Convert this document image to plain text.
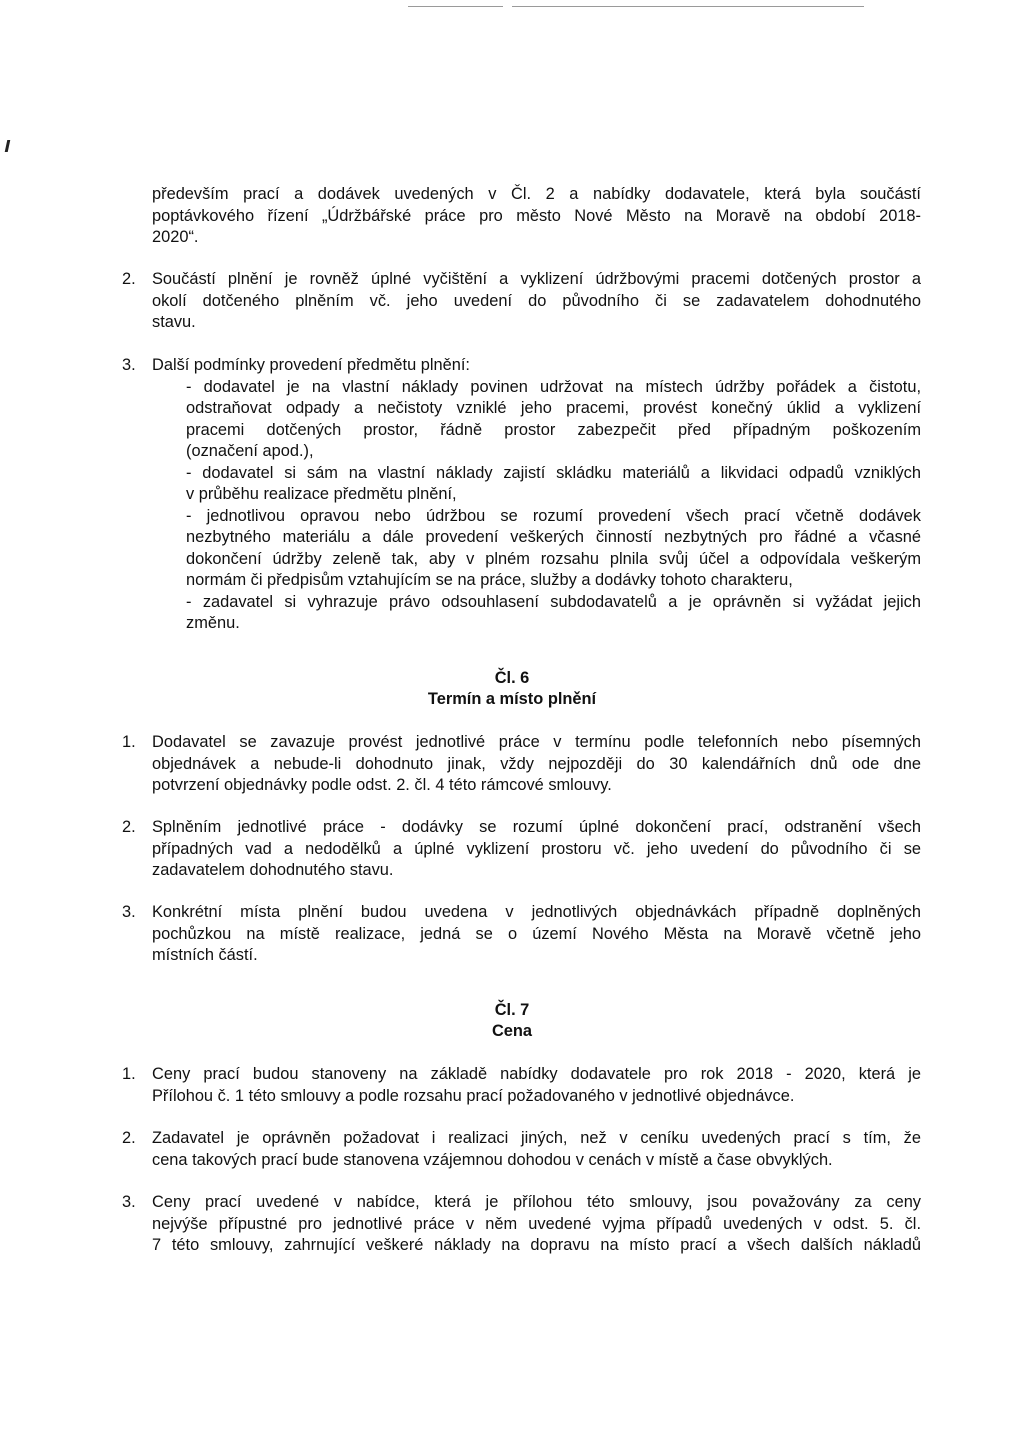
především prací a dodávek uvedených v Čl. 2 a nabídky dodavatele, která byla součástí
poptávkového řízení „Údržbářské práce pro město Nové Město na Moravě na období 2018-
2020“.
2. Součástí plnění je rovněž úplné vyčištění a vyklizení údržbovými pracemi dotčených prostor a
okolí dotčeného plněním vč. jeho uvedení do původního či se zadavatelem dohodnutého
stavu.
3. Další podmínky provedení předmětu plnění:
- dodavatel je na vlastní náklady povinen udržovat na místech údržby pořádek a čistotu,
odstraňovat odpady a nečistoty vzniklé jeho pracemi, provést konečný úklid a vyklizení
pracemi dotčených prostor, řádně prostor zabezpečit před případným poškozením
(označení apod.),
- dodavatel si sám na vlastní náklady zajistí skládku materiálů a likvidaci odpadů vzniklých
v průběhu realizace předmětu plnění,
- jednotlivou opravou nebo údržbou se rozumí provedení všech prací včetně dodávek
nezbytného materiálu a dále provedení veškerých činností nezbytných pro řádné a včasné
dokončení údržby zeleně tak, aby v plném rozsahu plnila svůj účel a odpovídala veškerým
normám či předpisům vztahujícím se na práce, služby a dodávky tohoto charakteru,
- zadavatel si vyhrazuje právo odsouhlasení subdodavatelů a je oprávněn si vyžádat jejich
změnu.
Čl. 6
Termín a místo plnění
1. Dodavatel se zavazuje provést jednotlivé práce v termínu podle telefonních nebo písemných
objednávek a nebude-li dohodnuto jinak, vždy nejpozději do 30 kalendářních dnů ode dne
potvrzení objednávky podle odst. 2. čl. 4 této rámcové smlouvy.
2. Splněním jednotlivé práce - dodávky se rozumí úplné dokončení prací, odstranění všech
případných vad a nedodělků a úplné vyklizení prostoru vč. jeho uvedení do původního či se
zadavatelem dohodnutého stavu.
3. Konkrétní místa plnění budou uvedena v jednotlivých objednávkách případně doplněných
pochůzkou na místě realizace, jedná se o území Nového Města na Moravě včetně jeho
místních částí.
Čl. 7
Cena
1. Ceny prací budou stanoveny na základě nabídky dodavatele pro rok 2018 - 2020, která je
Přílohou č. 1 této smlouvy a podle rozsahu prací požadovaného v jednotlivé objednávce.
2. Zadavatel je oprávněn požadovat i realizaci jiných, než v ceníku uvedených prací s tím, že
cena takových prací bude stanovena vzájemnou dohodou v cenách v místě a čase obvyklých.
3. Ceny prací uvedené v nabídce, která je přílohou této smlouvy, jsou považovány za ceny
nejvýše přípustné pro jednotlivé práce v něm uvedené vyjma případů uvedených v odst. 5. čl.
7 této smlouvy, zahrnující veškeré náklady na dopravu na místo prací a všech dalších nákladů
